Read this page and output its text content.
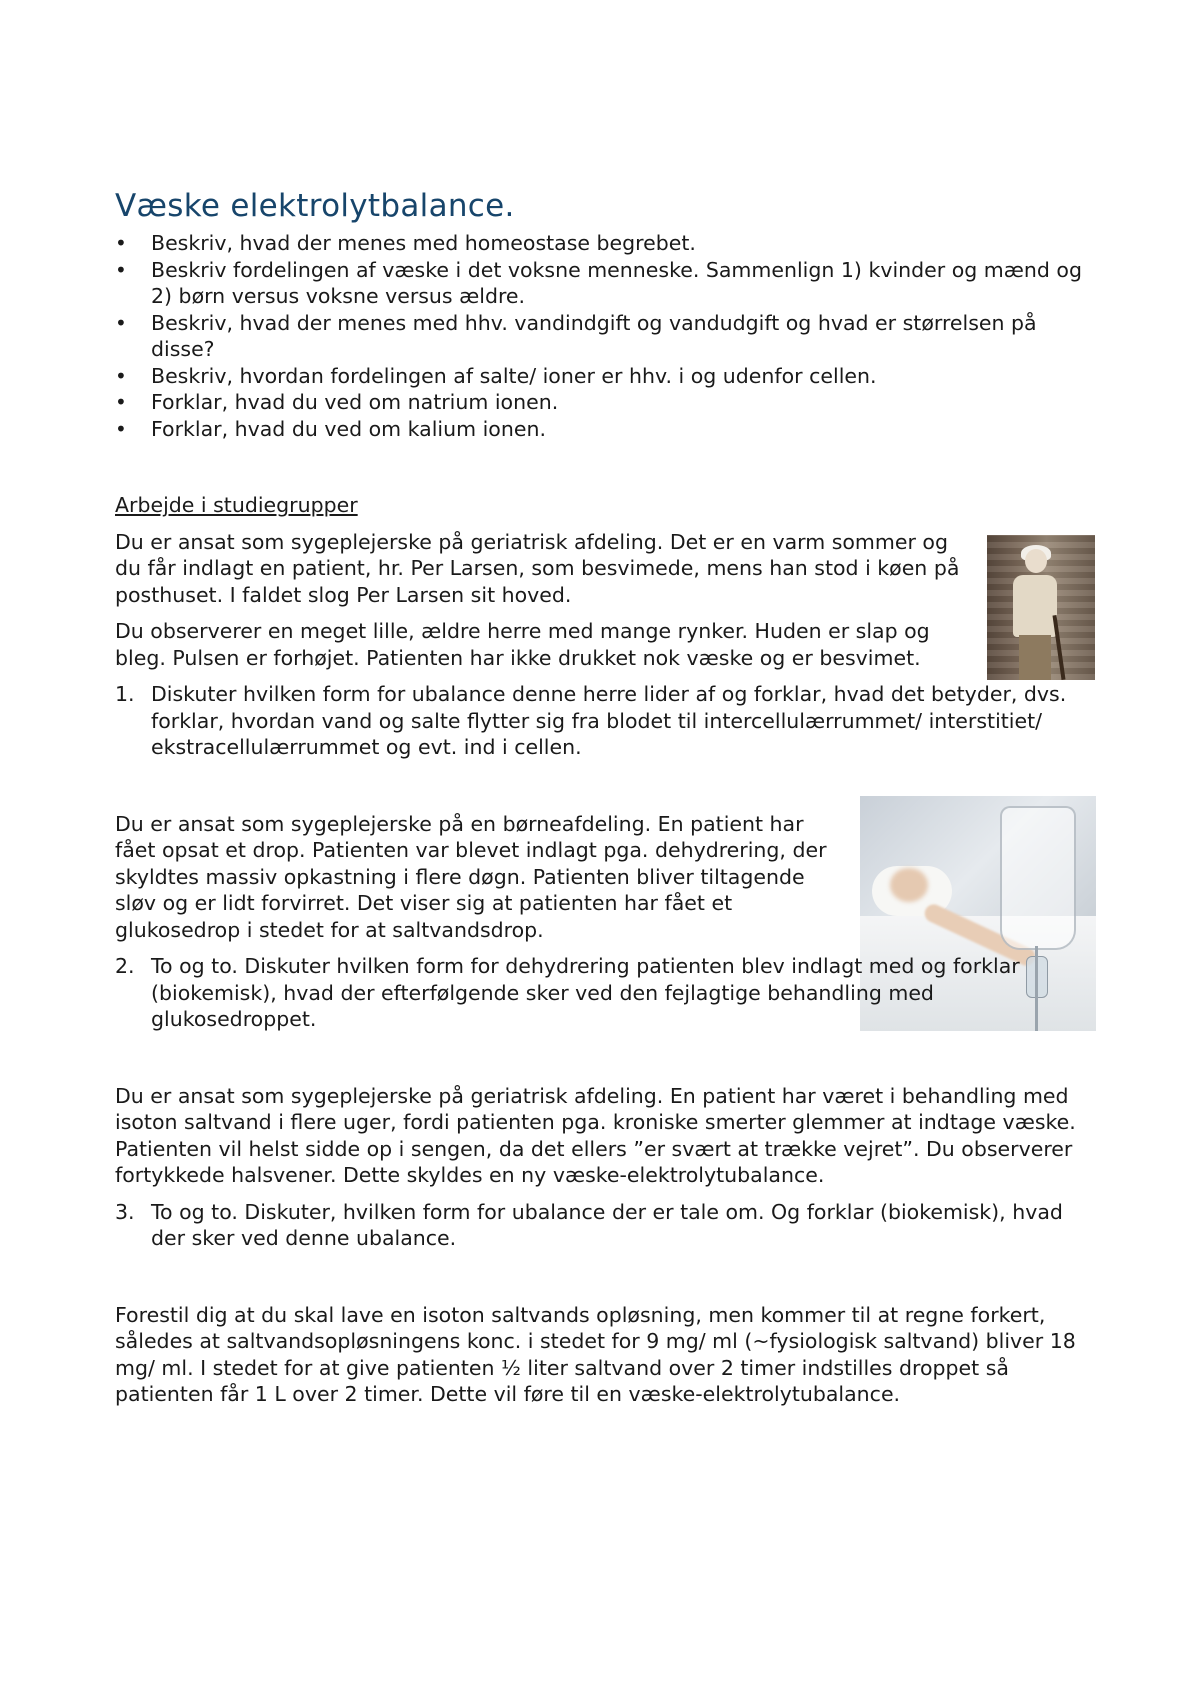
Væske elektrolytbalance.
• Beskriv, hvad der menes med homeostase begrebet.
• Beskriv fordelingen af væske i det voksne menneske. Sammenlign 1) kvinder og mænd og 2) børn versus voksne versus ældre.
• Beskriv, hvad der menes med hhv. vandindgift og vandudgift og hvad er størrelsen på disse?
• Beskriv, hvordan fordelingen af salte/ ioner er hhv. i og udenfor cellen.
• Forklar, hvad du ved om natrium ionen.
• Forklar, hvad du ved om kalium ionen.

Arbejde i studiegrupper

Du er ansat som sygeplejerske på geriatrisk afdeling. Det er en varm sommer og du får indlagt en patient, hr. Per Larsen, som besvimede, mens han stod i køen på posthuset. I faldet slog Per Larsen sit hoved.

Du observerer en meget lille, ældre herre med mange rynker. Huden er slap og bleg. Pulsen er forhøjet. Patienten har ikke drukket nok væske og er besvimet.

1. Diskuter hvilken form for ubalance denne herre lider af og forklar, hvad det betyder, dvs. forklar, hvordan vand og salte flytter sig fra blodet til intercellulærrummet/ interstitiet/ ekstracellulærrummet og evt. ind i cellen.

Du er ansat som sygeplejerske på en børneafdeling. En patient har fået opsat et drop. Patienten var blevet indlagt pga. dehydrering, der skyldtes massiv opkastning i flere døgn. Patienten bliver tiltagende sløv og er lidt forvirret. Det viser sig at patienten har fået et glukosedrop i stedet for at saltvandsdrop.

2. To og to. Diskuter hvilken form for dehydrering patienten blev indlagt med og forklar (biokemisk), hvad der efterfølgende sker ved den fejlagtige behandling med glukosedroppet.

Du er ansat som sygeplejerske på geriatrisk afdeling. En patient har været i behandling med isoton saltvand i flere uger, fordi patienten pga. kroniske smerter glemmer at indtage væske. Patienten vil helst sidde op i sengen, da det ellers ”er svært at trække vejret”. Du observerer fortykkede halsvener. Dette skyldes en ny væske-elektrolytubalance.

3. To og to. Diskuter, hvilken form for ubalance der er tale om. Og forklar (biokemisk), hvad der sker ved denne ubalance.

Forestil dig at du skal lave en isoton saltvands opløsning, men kommer til at regne forkert, således at saltvandsopløsningens konc. i stedet for 9 mg/ ml (~fysiologisk saltvand) bliver 18 mg/ ml. I stedet for at give patienten ½ liter saltvand over 2 timer indstilles droppet så patienten får 1 L over 2 timer. Dette vil føre til en væske-elektrolytubalance.
